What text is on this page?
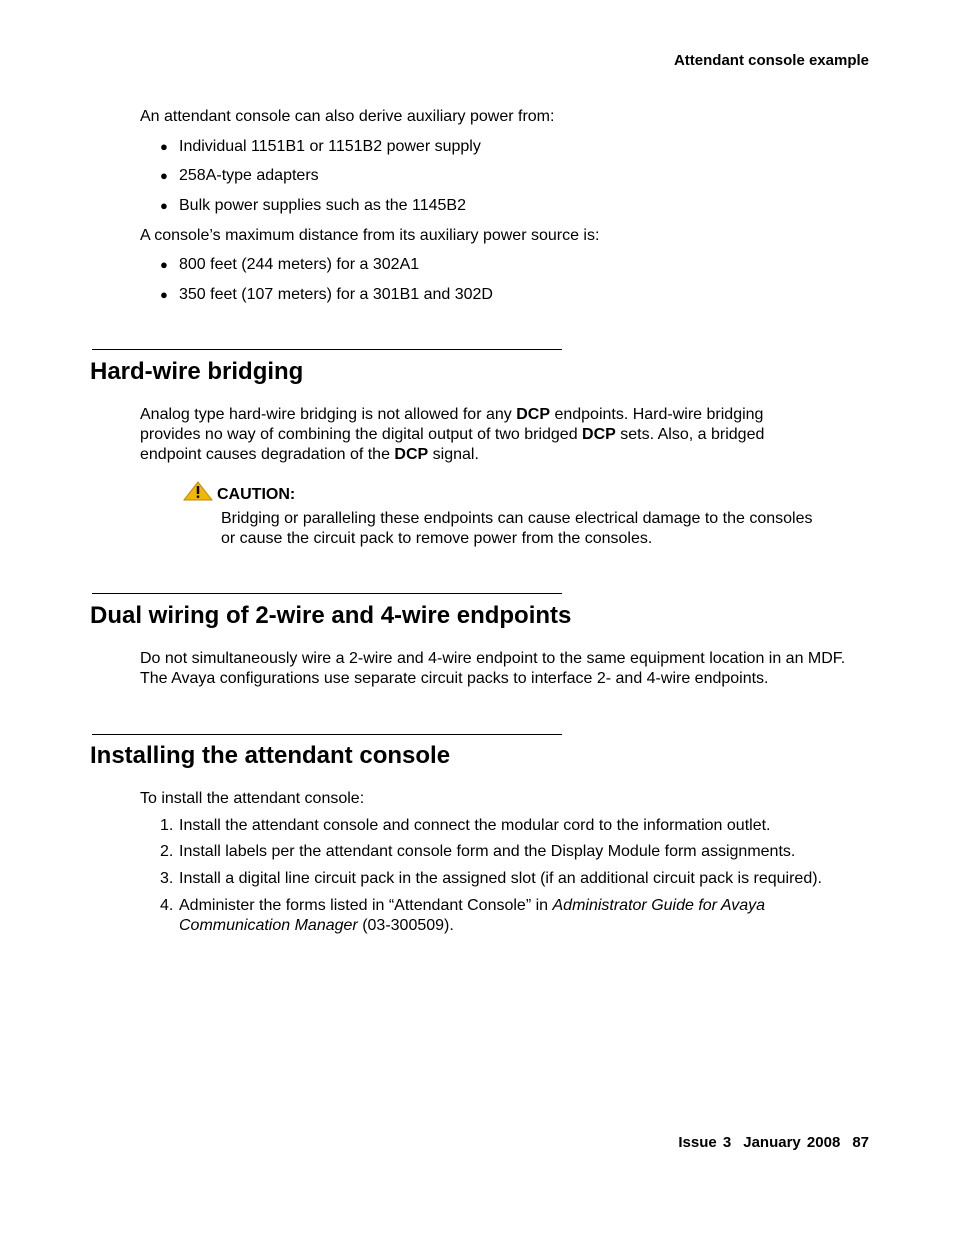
Attendant console example
An attendant console can also derive auxiliary power from:
● Individual 1151B1 or 1151B2 power supply
● 258A-type adapters
● Bulk power supplies such as the 1145B2
A console’s maximum distance from its auxiliary power source is:
● 800 feet (244 meters) for a 302A1
● 350 feet (107 meters) for a 301B1 and 302D
Hard-wire bridging
Analog type hard-wire bridging is not allowed for any DCP endpoints. Hard-wire bridging provides no way of combining the digital output of two bridged DCP sets. Also, a bridged endpoint causes degradation of the DCP signal.
CAUTION:
Bridging or paralleling these endpoints can cause electrical damage to the consoles or cause the circuit pack to remove power from the consoles.
Dual wiring of 2-wire and 4-wire endpoints
Do not simultaneously wire a 2-wire and 4-wire endpoint to the same equipment location in an MDF. The Avaya configurations use separate circuit packs to interface 2- and 4-wire endpoints.
Installing the attendant console
To install the attendant console:
1. Install the attendant console and connect the modular cord to the information outlet.
2. Install labels per the attendant console form and the Display Module form assignments.
3. Install a digital line circuit pack in the assigned slot (if an additional circuit pack is required).
4. Administer the forms listed in “Attendant Console” in Administrator Guide for Avaya
Communication Manager (03-300509).
Issue 3 January 2008 87
